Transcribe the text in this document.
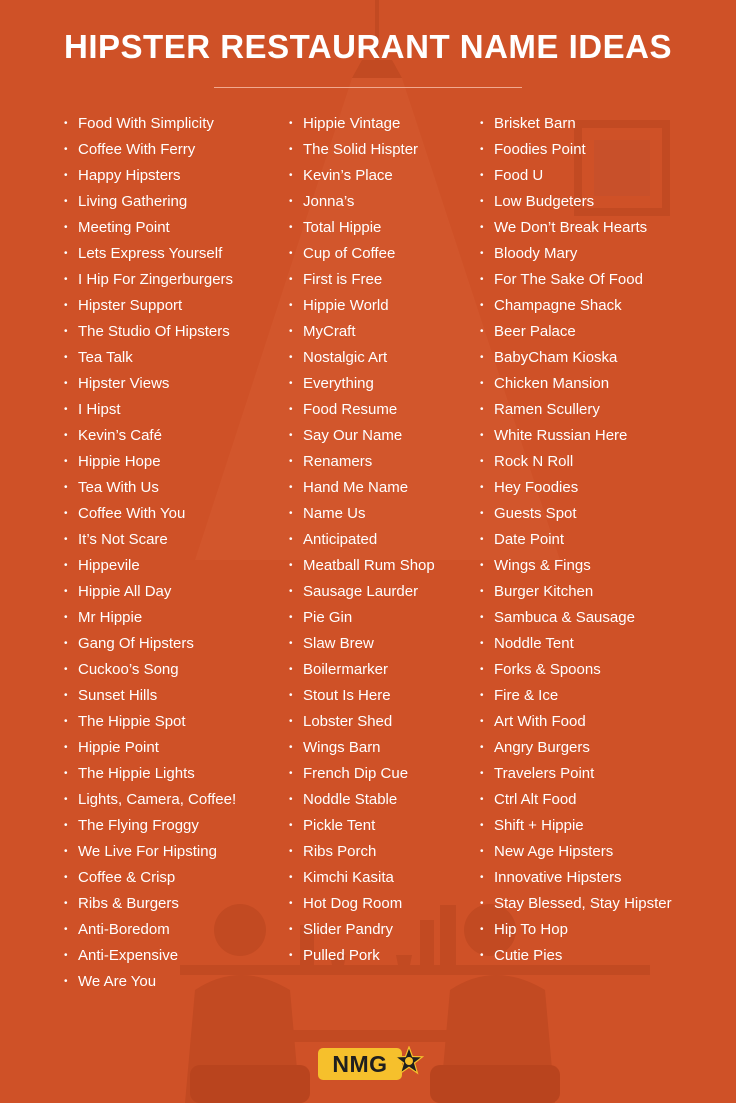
HIPSTER RESTAURANT NAME IDEAS
• Food With Simplicity
• Coffee With Ferry
• Happy Hipsters
• Living Gathering
• Meeting Point
• Lets Express Yourself
• I Hip For Zingerburgers
• Hipster Support
• The Studio Of Hipsters
• Tea Talk
• Hipster Views
• I Hipst
• Kevin’s Café
• Hippie Hope
• Tea With Us
• Coffee With You
• It’s Not Scare
• Hippevile
• Hippie All Day
• Mr Hippie
• Gang Of Hipsters
• Cuckoo’s Song
• Sunset Hills
• The Hippie Spot
• Hippie Point
• The Hippie Lights
• Lights, Camera, Coffee!
• The Flying Froggy
• We Live For Hipsting
• Coffee & Crisp
• Ribs & Burgers
• Anti-Boredom
• Anti-Expensive
• We Are You
• Hippie Vintage
• The Solid Hispter
• Kevin’s Place
• Jonna’s
• Total Hippie
• Cup of Coffee
• First is Free
• Hippie World
• MyCraft
• Nostalgic Art
• Everything
• Food Resume
• Say Our Name
• Renamers
• Hand Me Name
• Name Us
• Anticipated
• Meatball Rum Shop
• Sausage Laurder
• Pie Gin
• Slaw Brew
• Boilermarker
• Stout Is Here
• Lobster Shed
• Wings Barn
• French Dip Cue
• Noddle Stable
• Pickle Tent
• Ribs Porch
• Kimchi Kasita
• Hot Dog Room
• Slider Pandry
• Pulled Pork
• Brisket Barn
• Foodies Point
• Food U
• Low Budgeters
• We Don’t Break Hearts
• Bloody Mary
• For The Sake Of Food
• Champagne Shack
• Beer Palace
• BabyCham Kioska
• Chicken Mansion
• Ramen Scullery
• White Russian Here
• Rock N Roll
• Hey Foodies
• Guests Spot
• Date Point
• Wings & Fings
• Burger Kitchen
• Sambuca & Sausage
• Noddle Tent
• Forks & Spoons
• Fire & Ice
• Art With Food
• Angry Burgers
• Travelers Point
• Ctrl Alt Food
• Shift + Hippie
• New Age Hipsters
• Innovative Hipsters
• Stay Blessed, Stay Hipster
• Hip To Hop
• Cutie Pies
NMG
